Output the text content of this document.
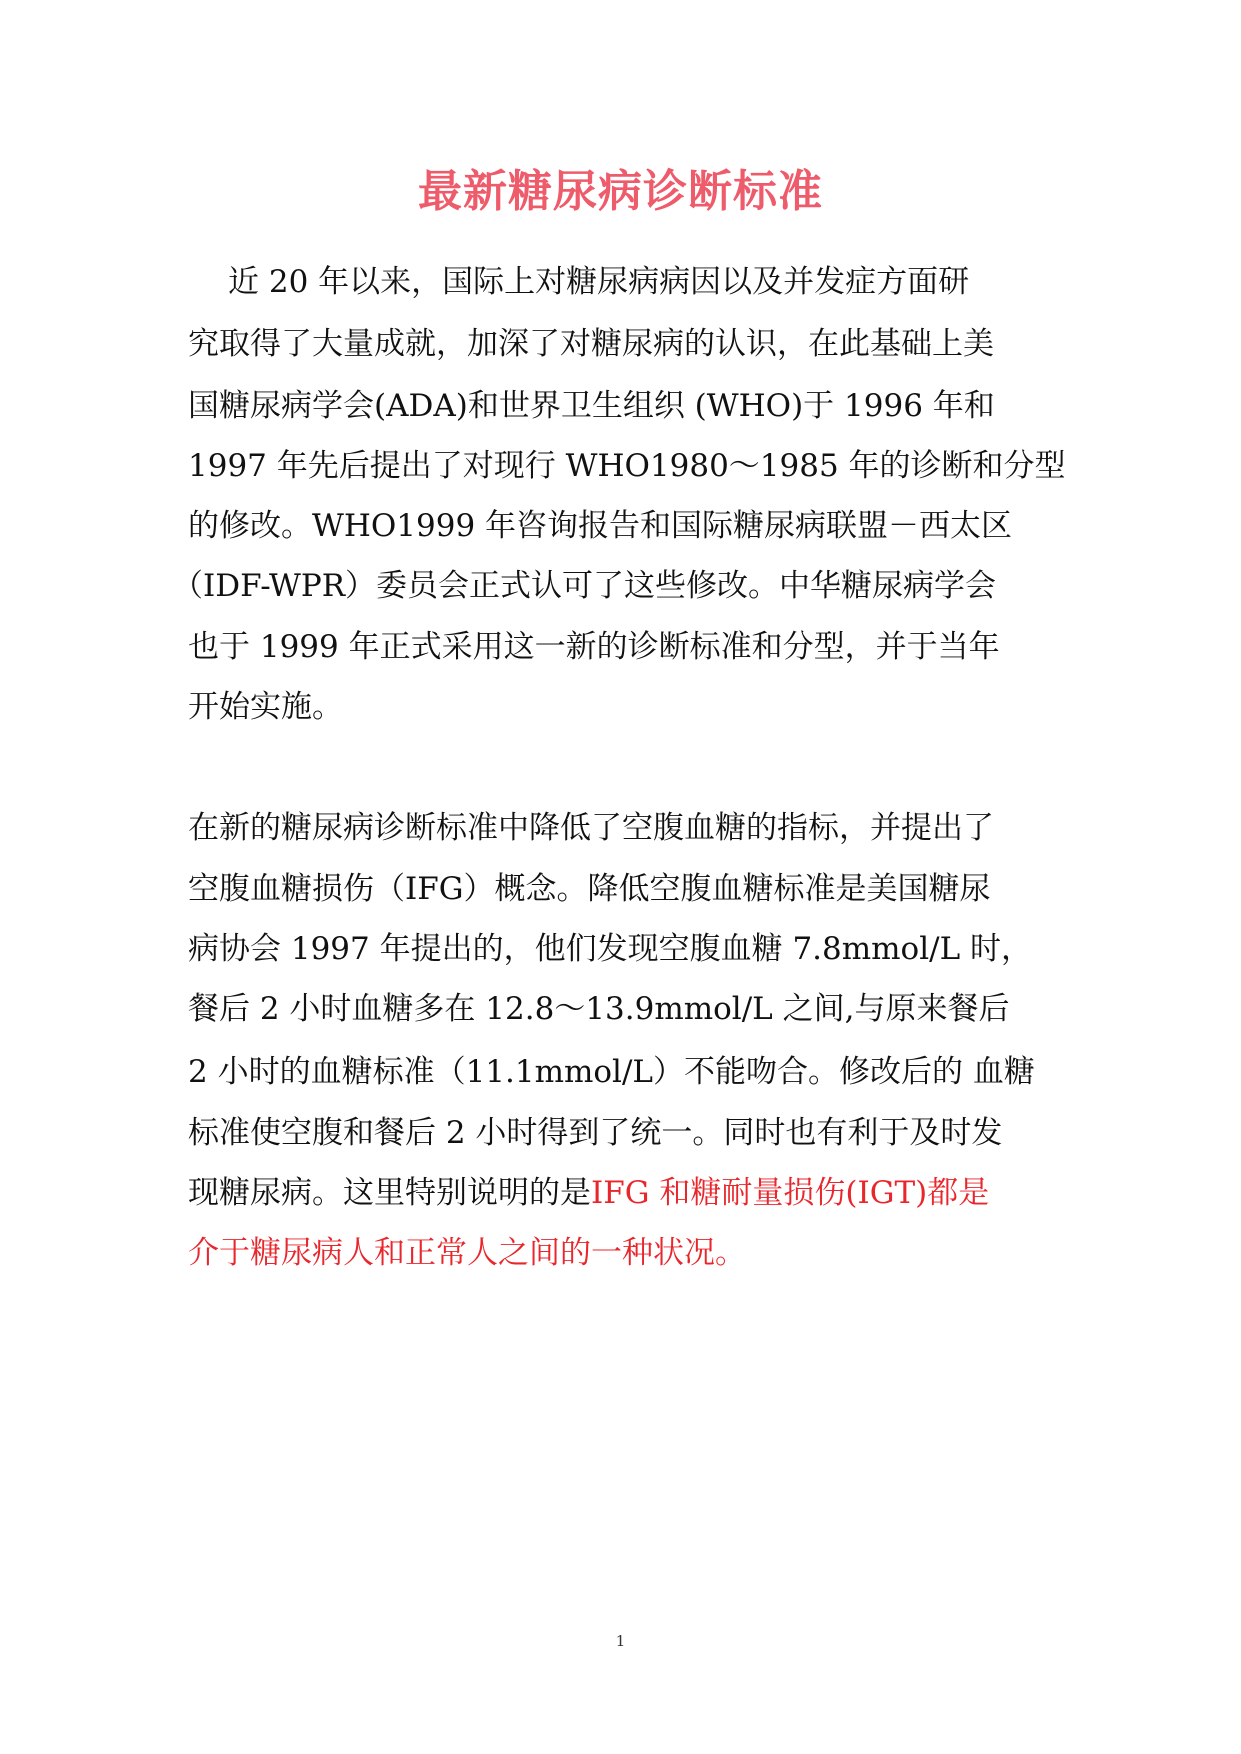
最新糖尿病诊断标准
近 20 年以来，国际上对糖尿病病因以及并发症方面研
究取得了大量成就，加深了对糖尿病的认识，在此基础上美
国糖尿病学会(ADA)和世界卫生组织 (WHO)于 1996 年和
1997 年先后提出了对现行 WHO1980～1985 年的诊断和分型
的修改。WHO1999 年咨询报告和国际糖尿病联盟－西太区
（IDF-WPR）委员会正式认可了这些修改。中华糖尿病学会
也于 1999 年正式采用这一新的诊断标准和分型，并于当年
开始实施。
在新的糖尿病诊断标准中降低了空腹血糖的指标，并提出了
空腹血糖损伤（IFG）概念。降低空腹血糖标准是美国糖尿
病协会 1997 年提出的，他们发现空腹血糖 7.8mmol/L 时，
餐后 2 小时血糖多在 12.8～13.9mmol/L 之间,与原来餐后
2 小时的血糖标准（11.1mmol/L）不能吻合。修改后的 血糖
标准使空腹和餐后 2 小时得到了统一。同时也有利于及时发
现糖尿病。这里特别说明的是IFG 和糖耐量损伤(IGT)都是
介于糖尿病人和正常人之间的一种状况。
1
